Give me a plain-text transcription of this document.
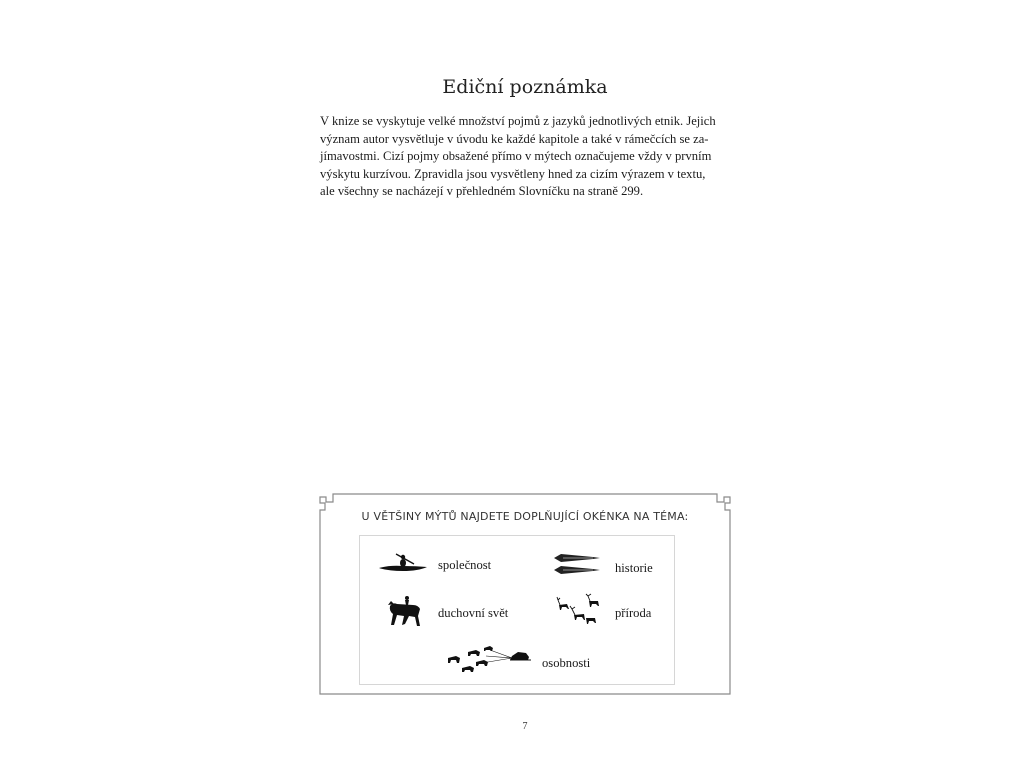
Ediční poznámka
V knize se vyskytuje velké množství pojmů z jazyků jednotlivých etnik. Jejich
význam autor vysvětluje v úvodu ke každé kapitole a také v rámečcích se za-
jímavostmi. Cizí pojmy obsažené přímo v mýtech označujeme vždy v prvním
výskytu kurzívou. Zpravidla jsou vysvětleny hned za cizím výrazem v textu,
ale všechny se nacházejí v přehledném Slovníčku na straně 299.
U VĚTŠINY MÝTŮ NAJDETE DOPLŇUJÍCÍ OKÉNKA NA TÉMA:
společnost	historie
duchovní svět	příroda
osobnosti
7
